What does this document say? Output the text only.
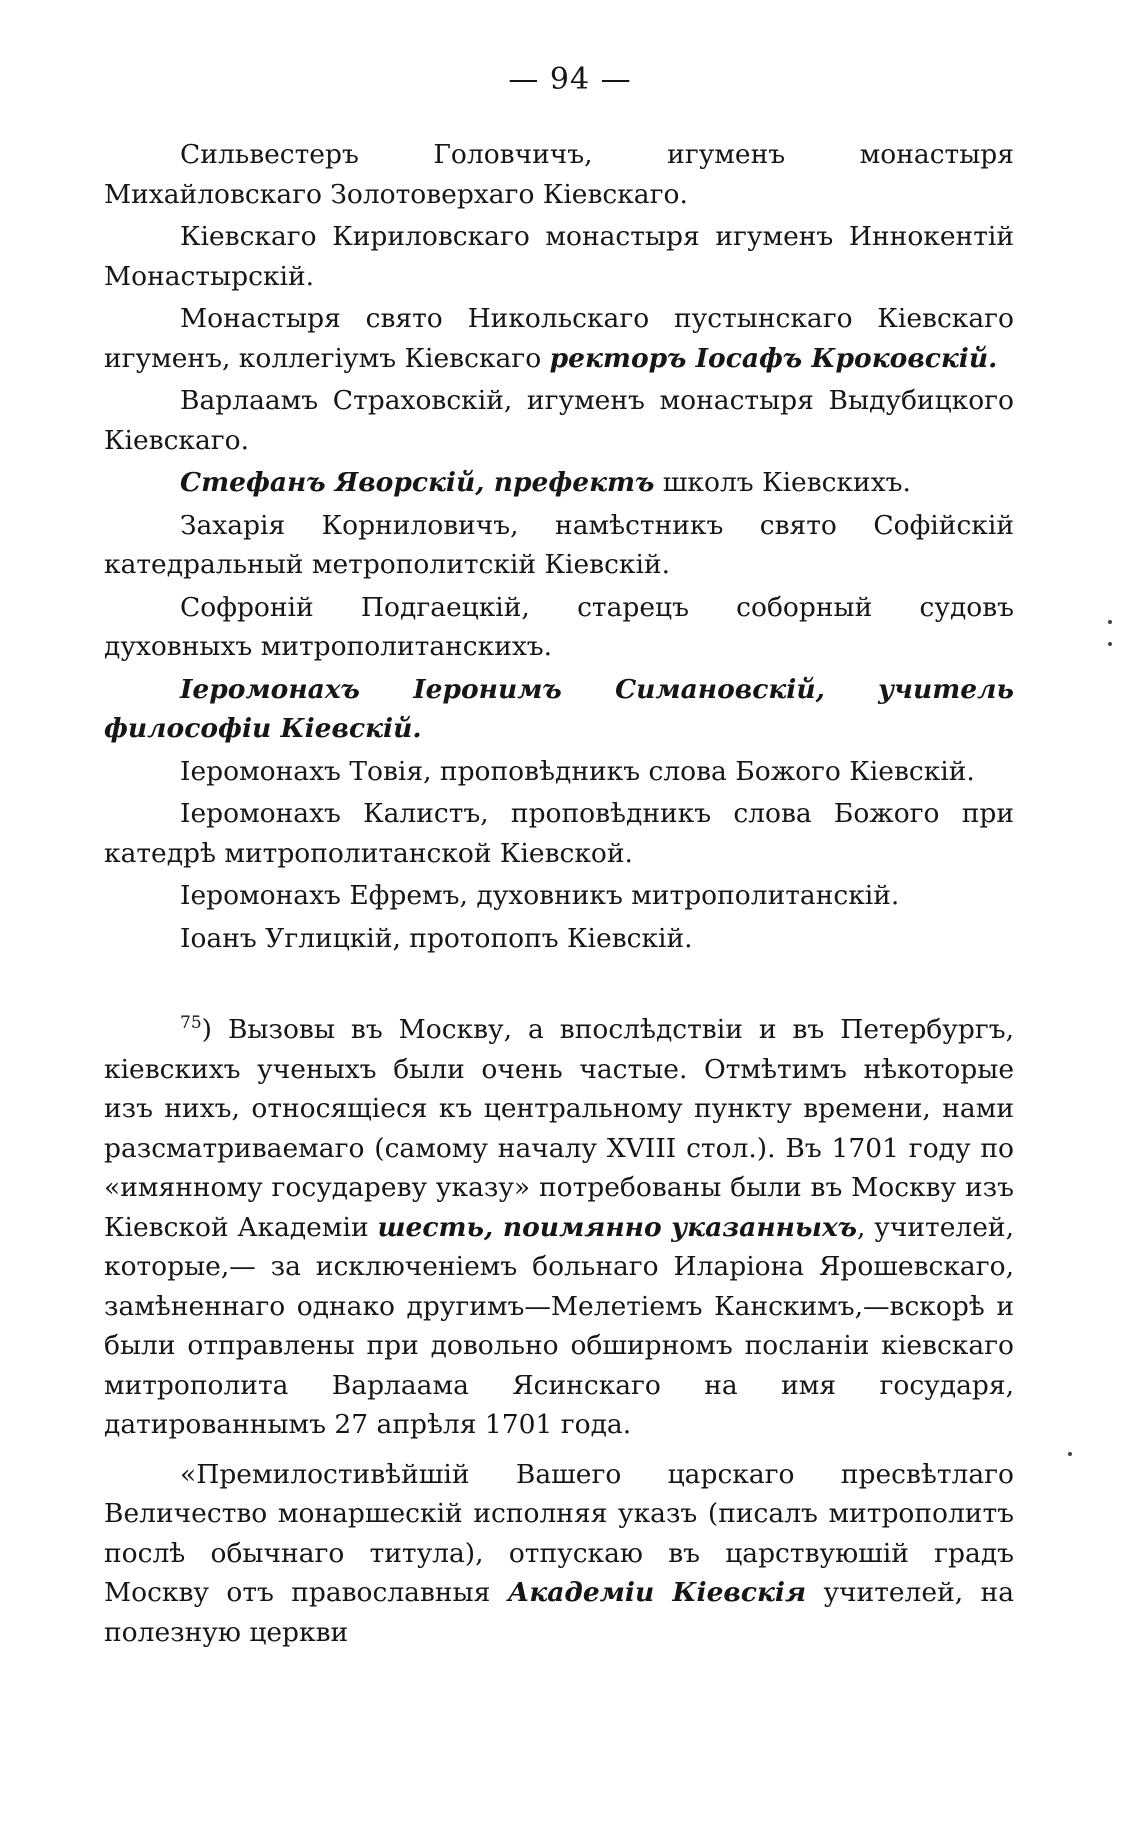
— 94 —

Сильвестеръ Головчичъ, игуменъ монастыря Михайловскаго Золотоверхаго Кіевскаго.

Кіевскаго Кириловскаго монастыря игуменъ Иннокентій Монастырскій.

Монастыря свято Никольскаго пустынскаго Кіевскаго игуменъ, коллегіумъ Кіевскаго ректоръ Іосафъ Кроковскій.

Варлаамъ Страховскій, игуменъ монастыря Выдубицкого Кіевскаго.

Стефанъ Яворскій, префектъ школъ Кіевскихъ.

Захарія Корниловичъ, намѣстникъ свято Софійскій катедральный метрополитскій Кіевскій.

Софроній Подгаецкій, старецъ соборный судовъ духовныхъ митрополитанскихъ.

Іеромонахъ Іеронимъ Симановскій, учитель философіи Кіевскій.

Іеромонахъ Товія, проповѣдникъ слова Божого Кіевскій.

Іеромонахъ Калистъ, проповѣдникъ слова Божого при катедрѣ митрополитанской Кіевской.

Іеромонахъ Ефремъ, духовникъ митрополитанскій.

Іоанъ Углицкій, протопопъ Кіевскій.

$^{75}$) Вызовы въ Москву, а впослѣдствіи и въ Петербургъ, кіевскихъ ученыхъ были очень частые. Отмѣтимъ нѣкоторые изъ нихъ, относящіеся къ центральному пункту времени, нами разсматриваемаго (самому началу XVIII стол.). Въ 1701 году по «имянному государеву указу» потребованы были въ Москву изъ Кіевской Академіи шесть, поимянно указанныхъ, учителей, которые,— за исключеніемъ больнаго Иларіона Ярошевскаго, замѣненнаго однако другимъ—Мелетіемъ Канскимъ,—вскорѣ и были отправлены при довольно обширномъ посланіи кіевскаго митрополита Варлаама Ясинскаго на имя государя, датированнымъ 27 апрѣля 1701 года.

«Премилостивѣйшій Вашего царскаго пресвѣтлаго Величество монаршескій исполняя указъ (писалъ митрополитъ послѣ обычнаго титула), отпускаю въ царствуюшій градъ Москву отъ православныя Академіи Кіевскія учителей, на полезную церкви
